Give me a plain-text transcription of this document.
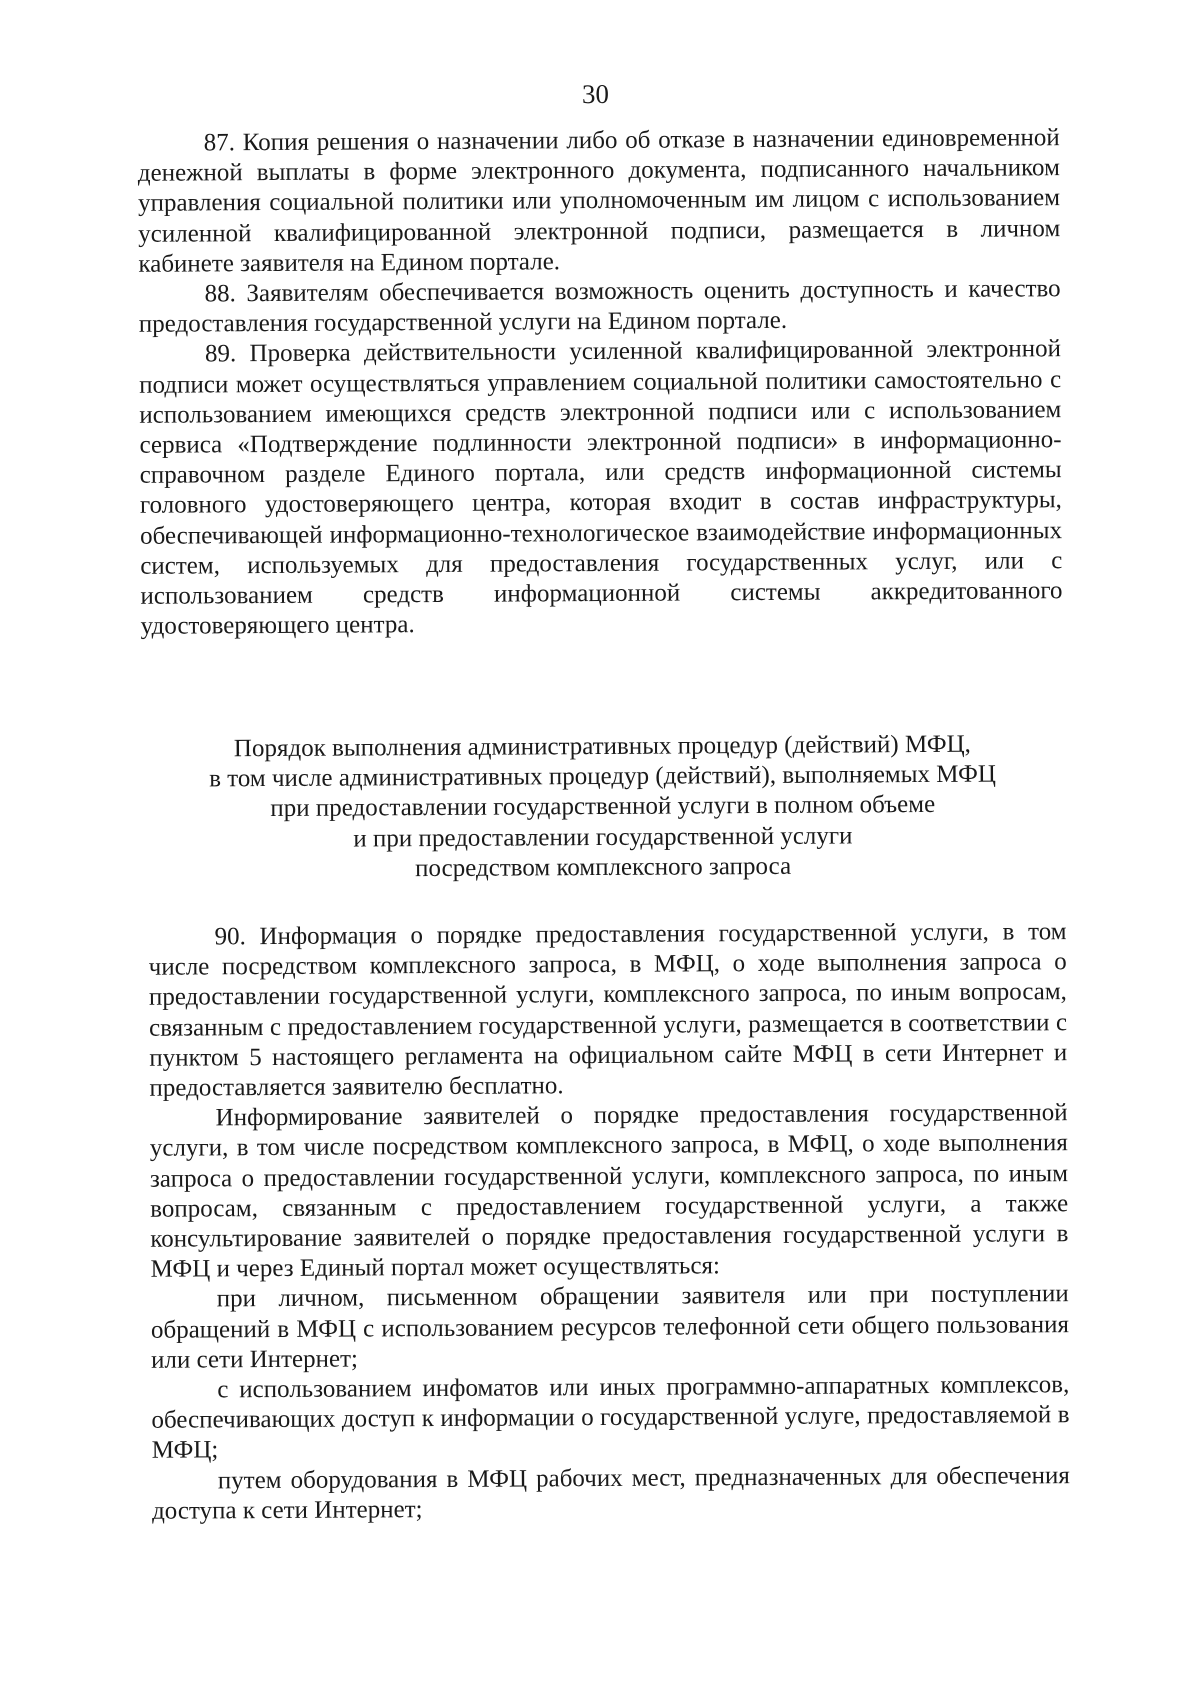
30

87. Копия решения о назначении либо об отказе в назначении единовременной денежной выплаты в форме электронного документа, подписанного начальником управления социальной политики или уполномоченным им лицом с использованием усиленной квалифицированной электронной подписи, размещается в личном кабинете заявителя на Едином портале.

88. Заявителям обеспечивается возможность оценить доступность и качество предоставления государственной услуги на Едином портале.

89. Проверка действительности усиленной квалифицированной электронной подписи может осуществляться управлением социальной политики самостоятельно с использованием имеющихся средств электронной подписи или с использованием сервиса «Подтверждение подлинности электронной подписи» в информационно-справочном разделе Единого портала, или средств информационной системы головного удостоверяющего центра, которая входит в состав инфраструктуры, обеспечивающей информационно-технологическое взаимодействие информационных систем, используемых для предоставления государственных услуг, или с использованием средств информационной системы аккредитованного удостоверяющего центра.

Порядок выполнения административных процедур (действий) МФЦ,
в том числе административных процедур (действий), выполняемых МФЦ
при предоставлении государственной услуги в полном объеме
и при предоставлении государственной услуги
посредством комплексного запроса

90. Информация о порядке предоставления государственной услуги, в том числе посредством комплексного запроса, в МФЦ, о ходе выполнения запроса о предоставлении государственной услуги, комплексного запроса, по иным вопросам, связанным с предоставлением государственной услуги, размещается в соответствии с пунктом 5 настоящего регламента на официальном сайте МФЦ в сети Интернет и предоставляется заявителю бесплатно.

Информирование заявителей о порядке предоставления государственной услуги, в том числе посредством комплексного запроса, в МФЦ, о ходе выполнения запроса о предоставлении государственной услуги, комплексного запроса, по иным вопросам, связанным с предоставлением государственной услуги, а также консультирование заявителей о порядке предоставления государственной услуги в МФЦ и через Единый портал может осуществляться:

при личном, письменном обращении заявителя или при поступлении обращений в МФЦ с использованием ресурсов телефонной сети общего пользования или сети Интернет;

с использованием инфоматов или иных программно-аппаратных комплексов, обеспечивающих доступ к информации о государственной услуге, предоставляемой в МФЦ;

путем оборудования в МФЦ рабочих мест, предназначенных для обеспечения доступа к сети Интернет;
